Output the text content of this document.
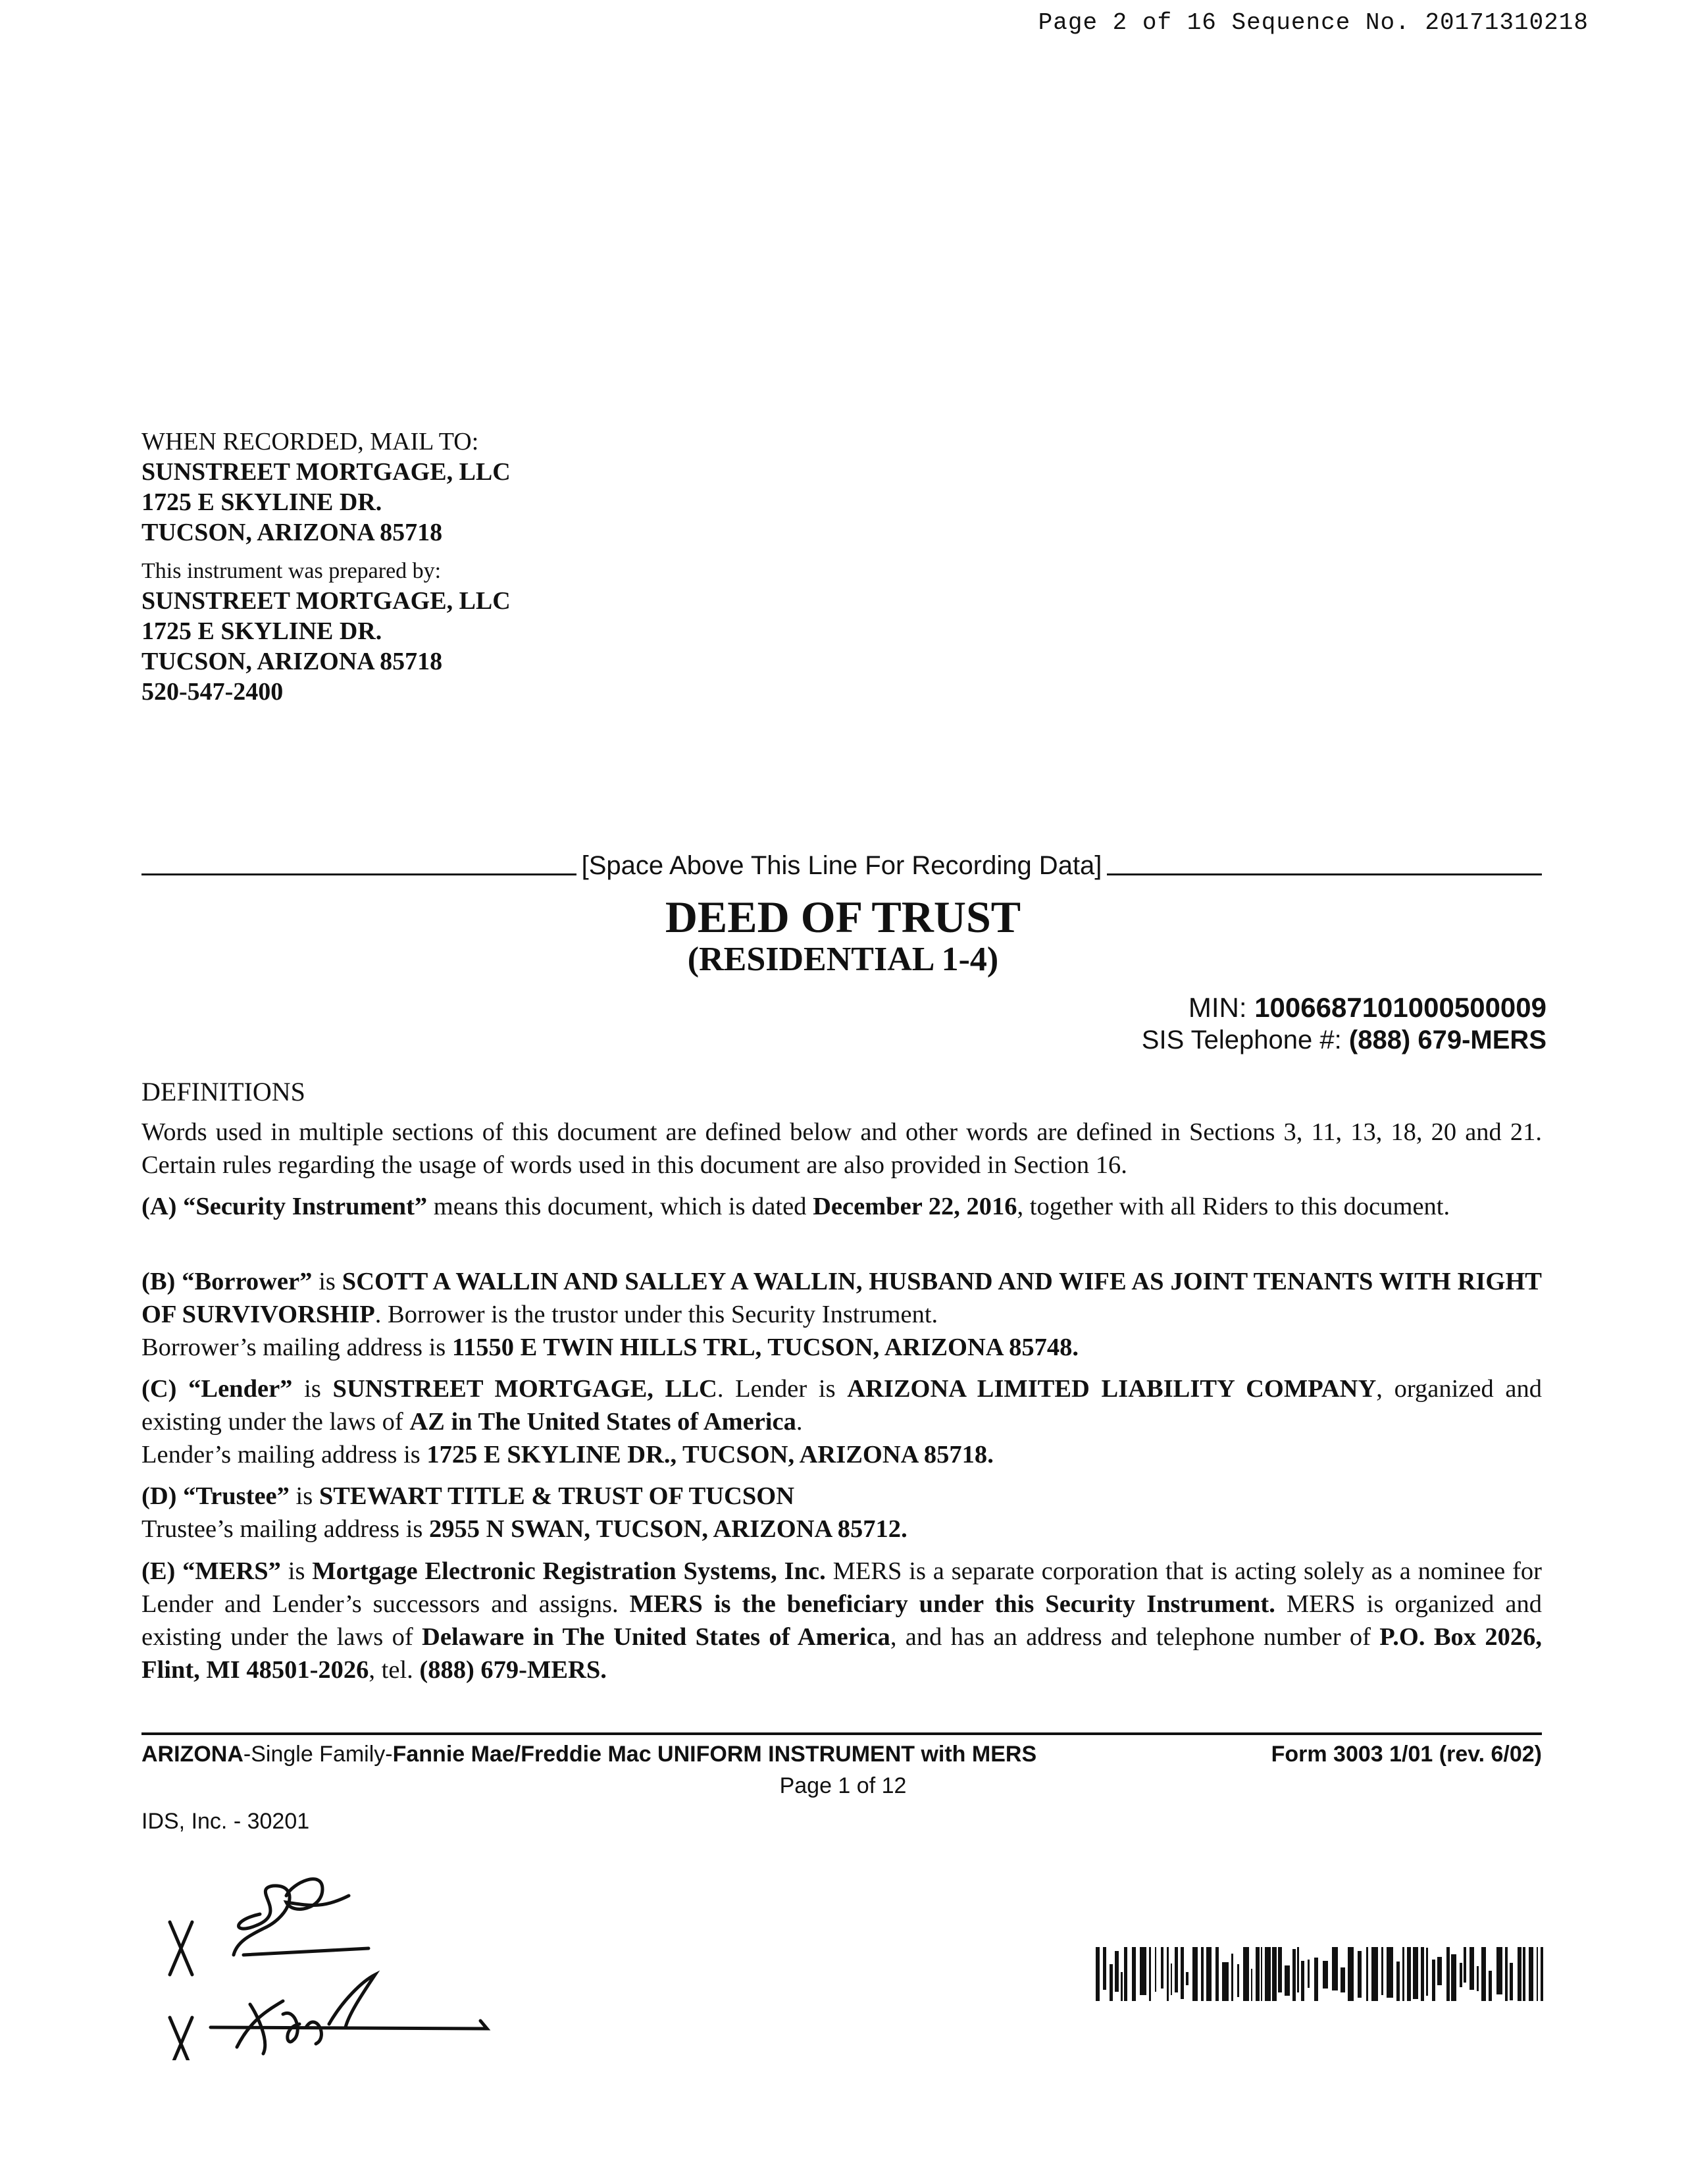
Page 2 of 16 Sequence No. 20171310218
WHEN RECORDED, MAIL TO:
SUNSTREET MORTGAGE, LLC
1725 E SKYLINE DR.
TUCSON, ARIZONA 85718
This instrument was prepared by:
SUNSTREET MORTGAGE, LLC
1725 E SKYLINE DR.
TUCSON, ARIZONA 85718
520-547-2400
[Space Above This Line For Recording Data]
DEED OF TRUST
(RESIDENTIAL 1-4)
MIN: 1006687101000500009
SIS Telephone #: (888) 679-MERS
DEFINITIONS

Words used in multiple sections of this document are defined below and other words are defined in Sections 3, 11, 13, 18, 20 and 21. Certain rules regarding the usage of words used in this document are also provided in Section 16.

(A) “Security Instrument” means this document, which is dated December 22, 2016, together with all Riders to this document.

(B) “Borrower” is SCOTT A WALLIN AND SALLEY A WALLIN, HUSBAND AND WIFE AS JOINT TENANTS WITH RIGHT OF SURVIVORSHIP. Borrower is the trustor under this Security Instrument.

Borrower’s mailing address is 11550 E TWIN HILLS TRL, TUCSON, ARIZONA 85748.

(C) “Lender” is SUNSTREET MORTGAGE, LLC. Lender is ARIZONA LIMITED LIABILITY COMPANY, organized and existing under the laws of AZ in The United States of America.

Lender’s mailing address is 1725 E SKYLINE DR., TUCSON, ARIZONA 85718.

(D) “Trustee” is STEWART TITLE & TRUST OF TUCSON

Trustee’s mailing address is 2955 N SWAN, TUCSON, ARIZONA 85712.

(E) “MERS” is Mortgage Electronic Registration Systems, Inc. MERS is a separate corporation that is acting solely as a nominee for Lender and Lender’s successors and assigns. MERS is the beneficiary under this Security Instrument. MERS is organized and existing under the laws of Delaware in The United States of America, and has an address and telephone number of P.O. Box 2026, Flint, MI 48501-2026, tel. (888) 679-MERS.

ARIZONA-Single Family-Fannie Mae/Freddie Mac UNIFORM INSTRUMENT with MERS	Form 3003 1/01 (rev. 6/02)
Page 1 of 12
IDS, Inc. - 30201
